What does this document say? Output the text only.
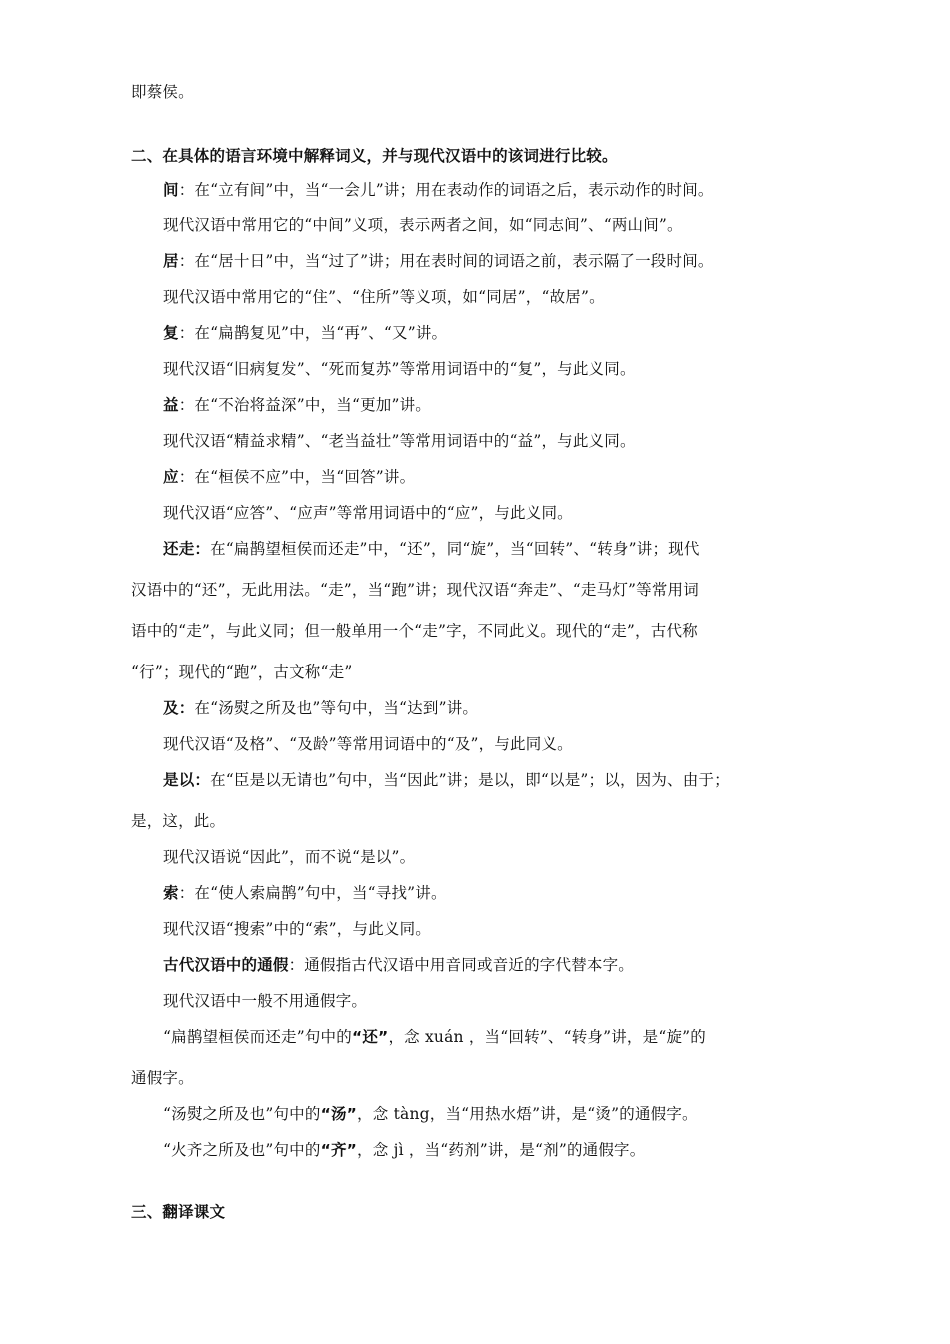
即蔡侯。
二、在具体的语言环境中解释词义，并与现代汉语中的该词进行比较。
间：在“立有间”中，当“一会儿”讲；用在表动作的词语之后，表示动作的时间。
现代汉语中常用它的“中间”义项，表示两者之间，如“同志间”、“两山间”。
居：在“居十日”中，当“过了”讲；用在表时间的词语之前，表示隔了一段时间。
现代汉语中常用它的“住”、“住所”等义项，如“同居”，“故居”。
复：在“扁鹊复见”中，当“再”、“又”讲。
现代汉语“旧病复发”、“死而复苏”等常用词语中的“复”，与此义同。
益：在“不治将益深”中，当“更加”讲。
现代汉语“精益求精”、“老当益壮”等常用词语中的“益”，与此义同。
应：在“桓侯不应”中，当“回答”讲。
现代汉语“应答”、“应声”等常用词语中的“应”，与此义同。
还走：在“扁鹊望桓侯而还走”中，“还”，同“旋”，当“回转”、“转身”讲；现代
汉语中的“还”，无此用法。“走”，当“跑”讲；现代汉语“奔走”、“走马灯”等常用词
语中的“走”，与此义同；但一般单用一个“走”字，不同此义。现代的“走”，古代称
“行”；现代的“跑”，古文称“走”
及：在“汤熨之所及也”等句中，当“达到”讲。
现代汉语“及格”、“及龄”等常用词语中的“及”，与此同义。
是以：在“臣是以无请也”句中，当“因此”讲；是以，即“以是”；以，因为、由于；
是，这，此。
现代汉语说“因此”，而不说“是以”。
索：在“使人索扁鹊”句中，当“寻找”讲。
现代汉语“搜索”中的“索”，与此义同。
古代汉语中的通假：通假指古代汉语中用音同或音近的字代替本字。
现代汉语中一般不用通假字。
“扁鹊望桓侯而还走”句中的“还”，念 xuán ，当“回转”、“转身”讲，是“旋”的
通假字。
“汤熨之所及也”句中的“汤”，念 tàng，当“用热水焐”讲，是“烫”的通假字。
“火齐之所及也”句中的“齐”，念 jì ，当“药剂”讲，是“剂”的通假字。
三、翻译课文
